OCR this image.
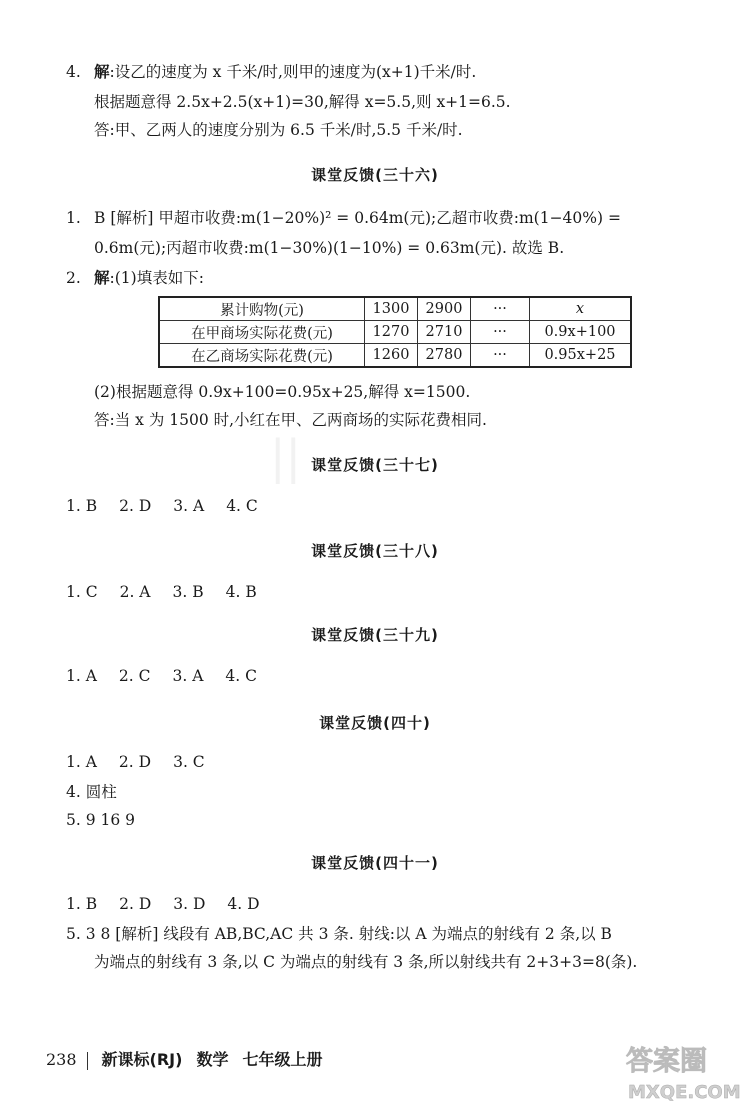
||
4. 解:设乙的速度为 x 千米/时,则甲的速度为(x+1)千米/时.
根据题意得 2.5x+2.5(x+1)=30,解得 x=5.5,则 x+1=6.5.
答:甲、乙两人的速度分别为 6.5 千米/时,5.5 千米/时.
课堂反馈(三十六)
1. B [解析] 甲超市收费:m(1−20%)² = 0.64m(元);乙超市收费:m(1−40%) =
0.6m(元);丙超市收费:m(1−30%)(1−10%) = 0.63m(元). 故选 B.
2. 解:(1)填表如下:
累计购物(元)	1300	2900	···	x
在甲商场实际花费(元)	1270	2710	···	0.9x+100
在乙商场实际花费(元)	1260	2780	···	0.95x+25
(2)根据题意得 0.9x+100=0.95x+25,解得 x=1500.
答:当 x 为 1500 时,小红在甲、乙两商场的实际花费相同.
课堂反馈(三十七)
1. B 2. D 3. A 4. C
课堂反馈(三十八)
1. C 2. A 3. B 4. B
课堂反馈(三十九)
1. A 2. C 3. A 4. C
课堂反馈(四十)
1. A 2. D 3. C
4. 圆柱
5. 9 16 9
课堂反馈(四十一)
1. B 2. D 3. D 4. D
5. 3 8 [解析] 线段有 AB,BC,AC 共 3 条. 射线:以 A 为端点的射线有 2 条,以 B
为端点的射线有 3 条,以 C 为端点的射线有 3 条,所以射线共有 2+3+3=8(条).
238 新课标(RJ) 数学 七年级上册	答案圈
MXQE.COM
